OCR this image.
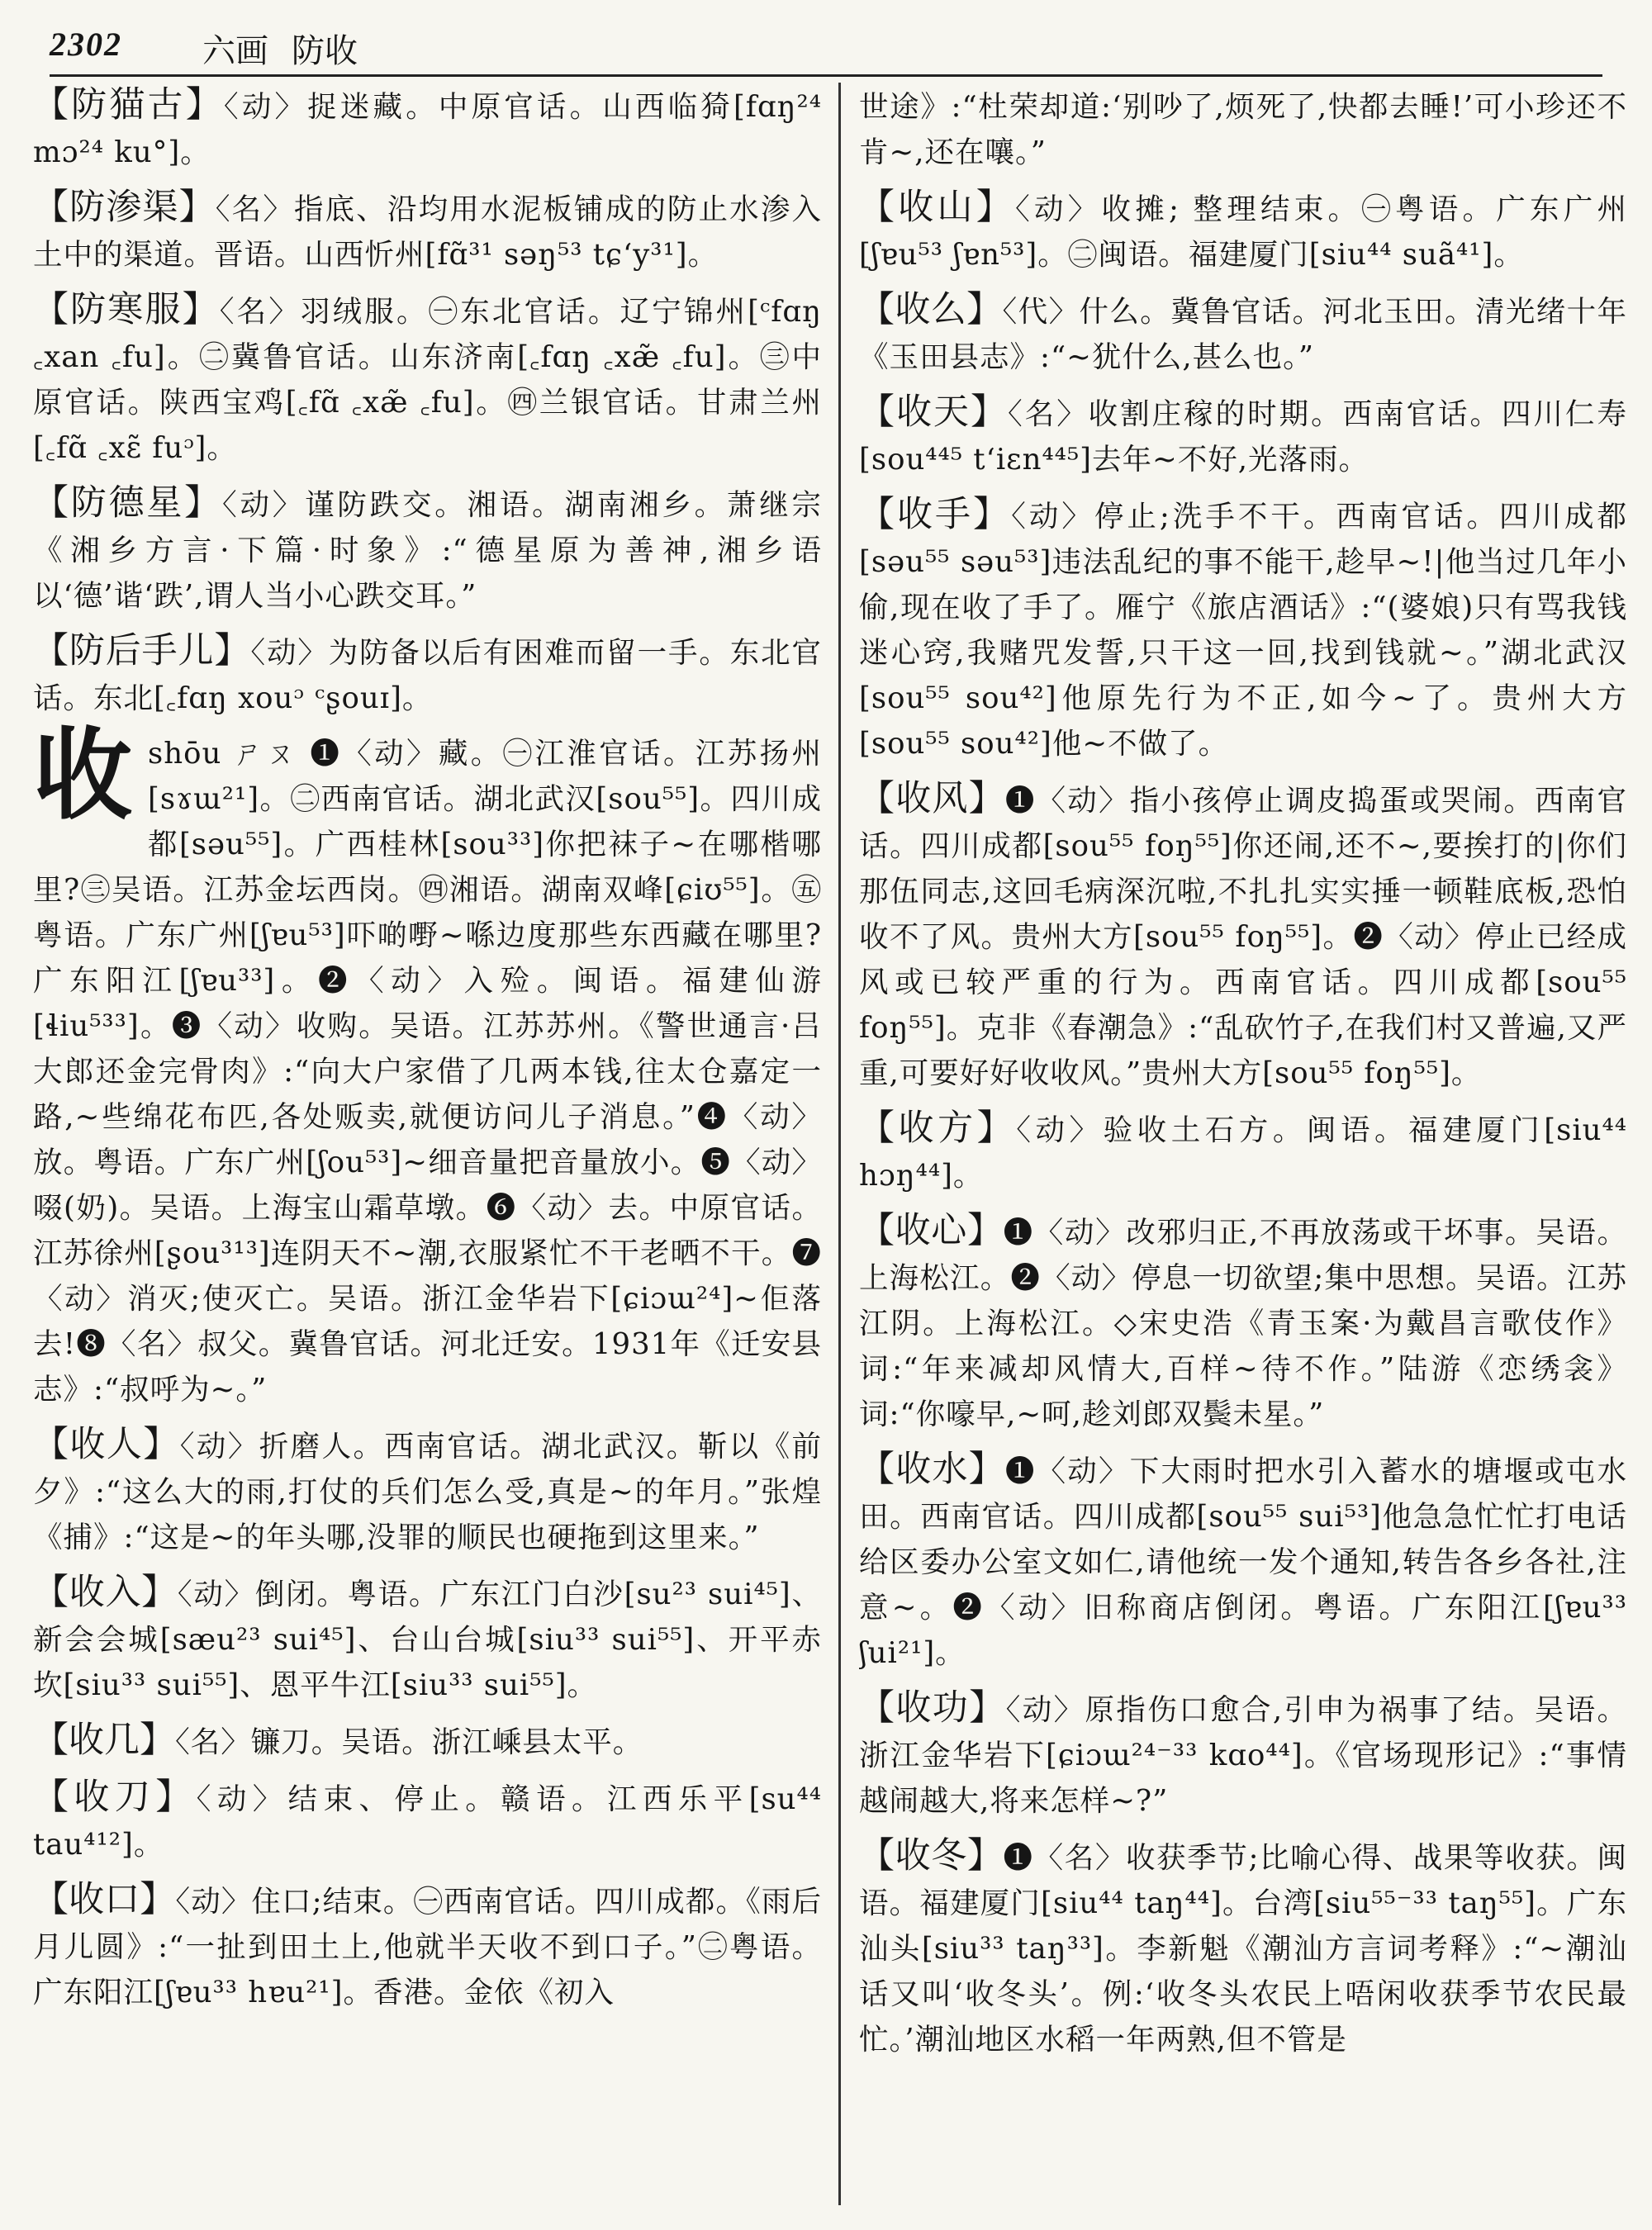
2302 六画 防收
【防猫古】〈动〉捉迷藏。中原官话。山西临猗[fɑŋ²⁴ mɔ²⁴ ku°]。
【防渗渠】〈名〉指底、沿均用水泥板铺成的防止水渗入土中的渠道。晋语。山西忻州[fɑ̃³¹ səŋ⁵³ tɕʻy³¹]。
【防寒服】〈名〉羽绒服。㊀东北官话。辽宁锦州[ᶜfɑŋ ꜀xan ꜀fu]。㊁冀鲁官话。山东济南[꜀fɑŋ ꜀xæ̃ ꜀fu]。㊂中原官话。陕西宝鸡[꜀fɑ̃ ꜀xæ̃ ꜀fu]。㊃兰银官话。甘肃兰州[꜀fɑ̃ ꜀xɛ̃ fuᵓ]。
【防德星】〈动〉谨防跌交。湘语。湖南湘乡。萧继宗《湘乡方言·下篇·时象》:“德星原为善神,湘乡语以‘德’谐‘跌’,谓人当小心跌交耳。”
【防后手儿】〈动〉为防备以后有困难而留一手。东北官话。东北[꜀fɑŋ xouᵓ ᶜʂouɪ]。
收 shōu ㄕㄡ ❶〈动〉藏。㊀江淮官话。江苏扬州[sɤɯ²¹]。㊁西南官话。湖北武汉[sou⁵⁵]。四川成都[səu⁵⁵]。广西桂林[sou³³]你把袜子~在哪楷哪里?㊂吴语。江苏金坛西岗。㊃湘语。湖南双峰[ɕiʊ⁵⁵]。㊄粤语。广东广州[ʃɐu⁵³]吓啲嘢~喺边度那些东西藏在哪里?广东阳江[ʃɐu³³]。❷〈动〉入殓。闽语。福建仙游[ɬiu⁵³³]。❸〈动〉收购。吴语。江苏苏州。《警世通言·吕大郎还金完骨肉》:“向大户家借了几两本钱,往太仓嘉定一路,~些绵花布匹,各处贩卖,就便访问儿子消息。”❹〈动〉放。粤语。广东广州[ʃou⁵³]~细音量把音量放小。❺〈动〉啜(奶)。吴语。上海宝山霜草墩。❻〈动〉去。中原官话。江苏徐州[ʂou³¹³]连阴天不~潮,衣服紧忙不干老晒不干。❼〈动〉消灭;使灭亡。吴语。浙江金华岩下[ɕiɔɯ²⁴]~佢落去!❽〈名〉叔父。冀鲁官话。河北迁安。1931年《迁安县志》:“叔呼为~。”
【收人】〈动〉折磨人。西南官话。湖北武汉。靳以《前夕》:“这么大的雨,打仗的兵们怎么受,真是~的年月。”张煌《捕》:“这是~的年头哪,没罪的顺民也硬拖到这里来。”
【收入】〈动〉倒闭。粤语。广东江门白沙[su²³ sui⁴⁵]、新会会城[sæu²³ sui⁴⁵]、台山台城[siu³³ sui⁵⁵]、开平赤坎[siu³³ sui⁵⁵]、恩平牛江[siu³³ sui⁵⁵]。
【收几】〈名〉镰刀。吴语。浙江嵊县太平。
【收刀】〈动〉结束、停止。赣语。江西乐平[su⁴⁴ tau⁴¹²]。
【收口】〈动〉住口;结束。㊀西南官话。四川成都。《雨后月儿圆》:“一扯到田土上,他就半天收不到口子。”㊁粤语。广东阳江[ʃɐu³³ hɐu²¹]。香港。金依《初入
世途》:“杜荣却道:‘别吵了,烦死了,快都去睡!’可小珍还不肯~,还在嚷。”
【收山】〈动〉收摊; 整理结束。㊀粤语。广东广州[ʃɐu⁵³ ʃɐn⁵³]。㊁闽语。福建厦门[siu⁴⁴ suã⁴¹]。
【收么】〈代〉什么。冀鲁官话。河北玉田。清光绪十年《玉田县志》:“~犹什么,甚么也。”
【收天】〈名〉收割庄稼的时期。西南官话。四川仁寿[sou⁴⁴⁵ tʻiɛn⁴⁴⁵]去年~不好,光落雨。
【收手】〈动〉停止;洗手不干。西南官话。四川成都[səu⁵⁵ səu⁵³]违法乱纪的事不能干,趁早~!|他当过几年小偷,现在收了手了。雁宁《旅店酒话》:“(婆娘)只有骂我钱迷心窍,我赌咒发誓,只干这一回,找到钱就~。”湖北武汉[sou⁵⁵ sou⁴²]他原先行为不正,如今~了。贵州大方[sou⁵⁵ sou⁴²]他~不做了。
【收风】❶〈动〉指小孩停止调皮捣蛋或哭闹。西南官话。四川成都[sou⁵⁵ foŋ⁵⁵]你还闹,还不~,要挨打的|你们那伍同志,这回毛病深沉啦,不扎扎实实捶一顿鞋底板,恐怕收不了风。贵州大方[sou⁵⁵ foŋ⁵⁵]。❷〈动〉停止已经成风或已较严重的行为。西南官话。四川成都[sou⁵⁵ foŋ⁵⁵]。克非《春潮急》:“乱砍竹子,在我们村又普遍,又严重,可要好好收收风。”贵州大方[sou⁵⁵ foŋ⁵⁵]。
【收方】〈动〉验收土石方。闽语。福建厦门[siu⁴⁴ hɔŋ⁴⁴]。
【收心】❶〈动〉改邪归正,不再放荡或干坏事。吴语。上海松江。❷〈动〉停息一切欲望;集中思想。吴语。江苏江阴。上海松江。◇宋史浩《青玉案·为戴昌言歌伎作》词:“年来减却风情大,百样~待不作。”陆游《恋绣衾》词:“你嚎早,~呵,趁刘郎双鬓未星。”
【收水】❶〈动〉下大雨时把水引入蓄水的塘堰或屯水田。西南官话。四川成都[sou⁵⁵ sui⁵³]他急急忙忙打电话给区委办公室文如仁,请他统一发个通知,转告各乡各社,注意~。❷〈动〉旧称商店倒闭。粤语。广东阳江[ʃɐu³³ ʃui²¹]。
【收功】〈动〉原指伤口愈合,引申为祸事了结。吴语。浙江金华岩下[ɕiɔɯ²⁴⁻³³ kɑo⁴⁴]。《官场现形记》:“事情越闹越大,将来怎样~?”
【收冬】❶〈名〉收获季节;比喻心得、战果等收获。闽语。福建厦门[siu⁴⁴ taŋ⁴⁴]。台湾[siu⁵⁵⁻³³ taŋ⁵⁵]。广东汕头[siu³³ taŋ³³]。李新魁《潮汕方言词考释》:“~潮汕话又叫‘收冬头’。例:‘收冬头农民上唔闲收获季节农民最忙。’潮汕地区水稻一年两熟,但不管是
